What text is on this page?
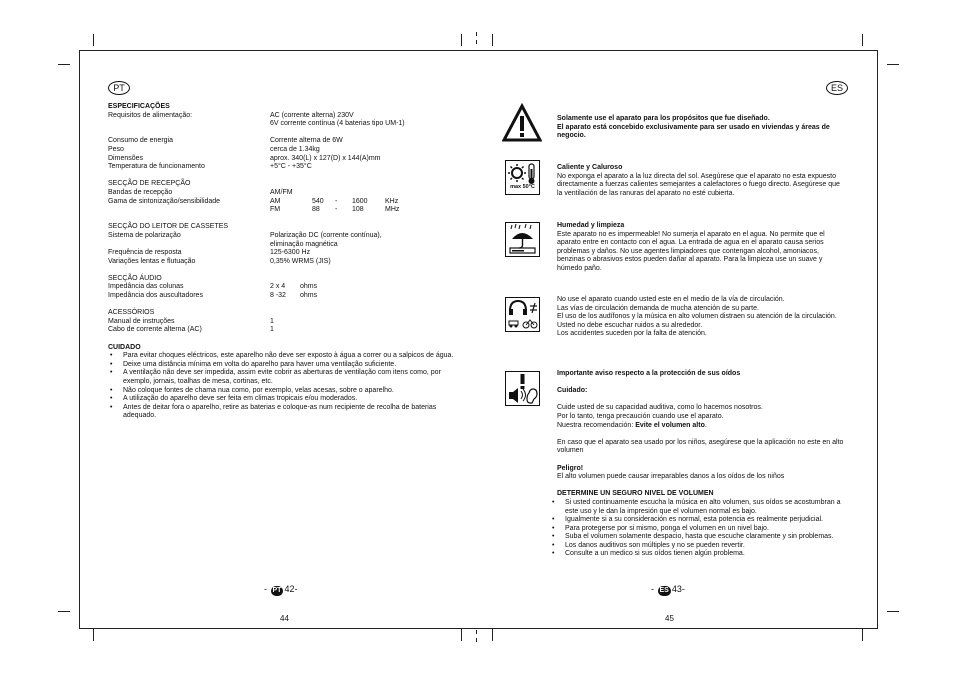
PT
ESPECIFICAÇÕES
Requisitos de alimentação:	AC (corrente alterna) 230V
6V corrente contínua (4 baterias tipo UM-1)
Consumo de energia	Corrente alterna de 6W
Peso	cerca de 1.34kg
Dimensões	aprox. 340(L) x 127(D) x 144(A)mm
Temperatura de funcionamento	+5°C - +35°C
SECÇÃO DE RECEPÇÃO
Bandas de recepção	AM/FM
Gama de sintonização/sensibilidade	AM	540 - 1600 KHz
FM	88 - 108	MHz
SECÇÃO DO LEITOR DE CASSETES
Sistema de polarização	Polarização DC (corrente contínua),
eliminação magnética
Frequência de resposta	125-6300 Hz
Variações lentas e flutuação	0,35% WRMS (JIS)
SECÇÃO ÁUDIO
Impedância das colunas	2 x 4 ohms
Impedância dos auscultadores	8 -32 ohms
ACESSÓRIOS
Manual de instruções	1
Cabo de corrente alterna (AC)	1
CUIDADO
• Para evitar choques eléctricos, este aparelho não deve ser exposto à água a correr ou a salpicos de água.
• Deixe uma distância mínima em volta do aparelho para haver uma ventilação suficiente.
• A ventilação não deve ser impedida, assim evite cobrir as aberturas de ventilação com itens como, por exemplo, jornais, toalhas de mesa, cortinas, etc.
• Não coloque fontes de chama nua como, por exemplo, velas acesas, sobre o aparelho.
• A utilização do aparelho deve ser feita em climas tropicais e/ou moderados.
• Antes de deitar fora o aparelho, retire as baterias e coloque-as num recipiente de recolha de baterias adequado.
- PT 42-
44
ES
Solamente use el aparato para los propósitos que fue diseñado.
El aparato está concebido exclusivamente para ser usado en viviendas y áreas de negocio.
max 50°C
Caliente y Caluroso
No exponga el aparato a la luz directa del sol. Asegúrese que el aparato no esta expuesto directamente a fuerzas calientes semejantes a calefactores o fuego directo. Asegúrese que la ventilación de las ranuras del aparato no esté cubierta.
Humedad y limpieza
Este aparato no es impermeable! No sumerja el aparato en el agua. No permite que el aparato entre en contacto con el agua. La entrada de agua en el aparato causa serios problemas y daños. No use agentes limpiadores que contengan alcohol, amoniacos, benzinas o abrasivos estos pueden dañar al aparato. Para la limpieza use un suave y húmedo paño.
No use el aparato cuando usted este en el medio de la vía de circulación.
Las vías de circulación demanda de mucha atención de su parte.
El uso de los audífonos y la música en alto volumen distraen su atención de la circulación.
Usted no debe escuchar ruidos a su alrededor.
Los accidentes suceden por la falta de atención.
Importante aviso respecto a la protección de sus oídos
Cuidado:
Cuide usted de su capacidad auditiva, como lo hacemos nosotros.
Por lo tanto, tenga precaución cuando use el aparato.
Nuestra recomendación: Evite el volumen alto.
En caso que el aparato sea usado por los niños, asegúrese que la aplicación no este en alto volumen
Peligro!
El alto volumen puede causar irreparables danos a los oídos de los niños
DETERMINE UN SEGURO NIVEL DE VOLUMEN
• Si usted continuamente escucha la música en alto volumen, sus oídos se acostumbran a este uso y le dan la impresión que el volumen normal es bajo.
• Igualmente si a su consideración es normal, esta potencia es realmente perjudicial.
• Para protegerse por si mismo, ponga el volumen en un nivel bajo.
• Suba el volumen solamente despacio, hasta que escuche claramente y sin problemas.
• Los danos auditivos son múltiples y no se pueden revertir.
• Consulte a un medico si sus oídos tienen algún problema.
- ES 43-
45
